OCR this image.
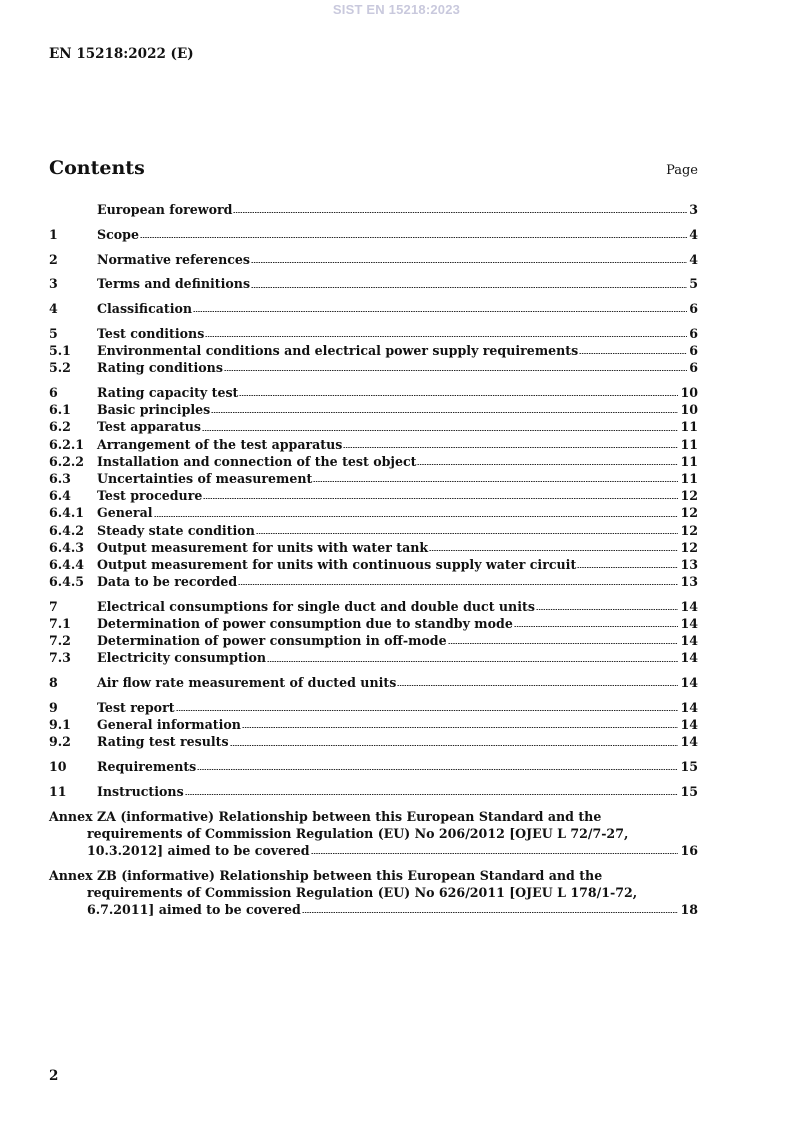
SIST EN 15218:2023
EN 15218:2022 (E)
Contents	Page
European foreword	3
1	Scope	4
2	Normative references	4
3	Terms and definitions	5
4	Classification	6
5	Test conditions	6
5.1	Environmental conditions and electrical power supply requirements	6
5.2	Rating conditions	6
6	Rating capacity test	10
6.1	Basic principles	10
6.2	Test apparatus	11
6.2.1	Arrangement of the test apparatus	11
6.2.2	Installation and connection of the test object	11
6.3	Uncertainties of measurement	11
6.4	Test procedure	12
6.4.1	General	12
6.4.2	Steady state condition	12
6.4.3	Output measurement for units with water tank	12
6.4.4	Output measurement for units with continuous supply water circuit	13
6.4.5	Data to be recorded	13
7	Electrical consumptions for single duct and double duct units	14
7.1	Determination of power consumption due to standby mode	14
7.2	Determination of power consumption in off-mode	14
7.3	Electricity consumption	14
8	Air flow rate measurement of ducted units	14
9	Test report	14
9.1	General information	14
9.2	Rating test results	14
10	Requirements	15
11	Instructions	15
Annex ZA (informative) Relationship between this European Standard and the
requirements of Commission Regulation (EU) No 206/2012 [OJEU L 72/7-27,
10.3.2012] aimed to be covered	16
Annex ZB (informative) Relationship between this European Standard and the
requirements of Commission Regulation (EU) No 626/2011 [OJEU L 178/1-72,
6.7.2011] aimed to be covered	18
2
